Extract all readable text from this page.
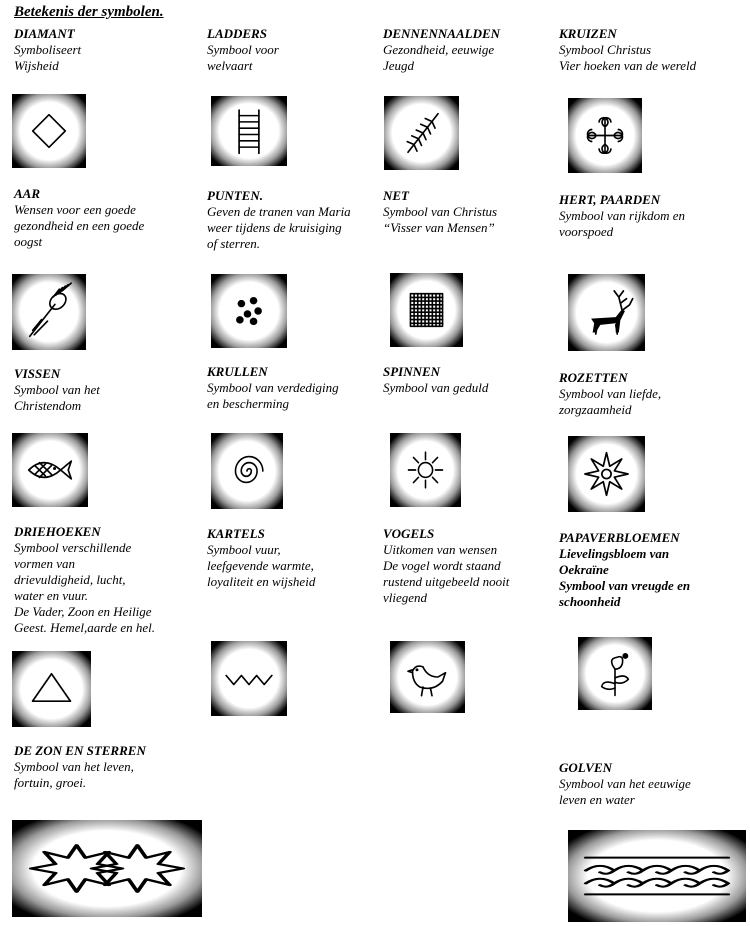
Betekenis der symbolen.
DIAMANT
Symboliseert
Wijsheid
LADDERS
Symbool voor
welvaart
DENNENNAALDEN
Gezondheid, eeuwige
Jeugd
KRUIZEN
Symbool Christus
Vier hoeken van de wereld
AAR
Wensen voor een goede
gezondheid en een goede
oogst
PUNTEN.
Geven de tranen van Maria
weer tijdens de kruisiging
of sterren.
NET
Symbool van Christus
“Visser van Mensen”
HERT, PAARDEN
Symbool van rijkdom en
voorspoed
VISSEN
Symbool van het
Christendom
KRULLEN
Symbool van verdediging
en bescherming
SPINNEN
Symbool van geduld
ROZETTEN
Symbool van liefde,
zorgzaamheid
DRIEHOEKEN
Symbool verschillende
vormen van
drievuldigheid, lucht,
water en vuur.
De Vader, Zoon en Heilige
Geest. Hemel,aarde en hel.
KARTELS
Symbool vuur,
leefgevende warmte,
loyaliteit en wijsheid
VOGELS
Uitkomen van wensen
De vogel wordt staand
rustend uitgebeeld nooit
vliegend
PAPAVERBLOEMEN
Lievelingsbloem van
Oekraïne
Symbool van vreugde en
schoonheid
DE ZON EN STERREN
Symbool van het leven,
fortuin, groei.
GOLVEN
Symbool van het eeuwige
leven en water
